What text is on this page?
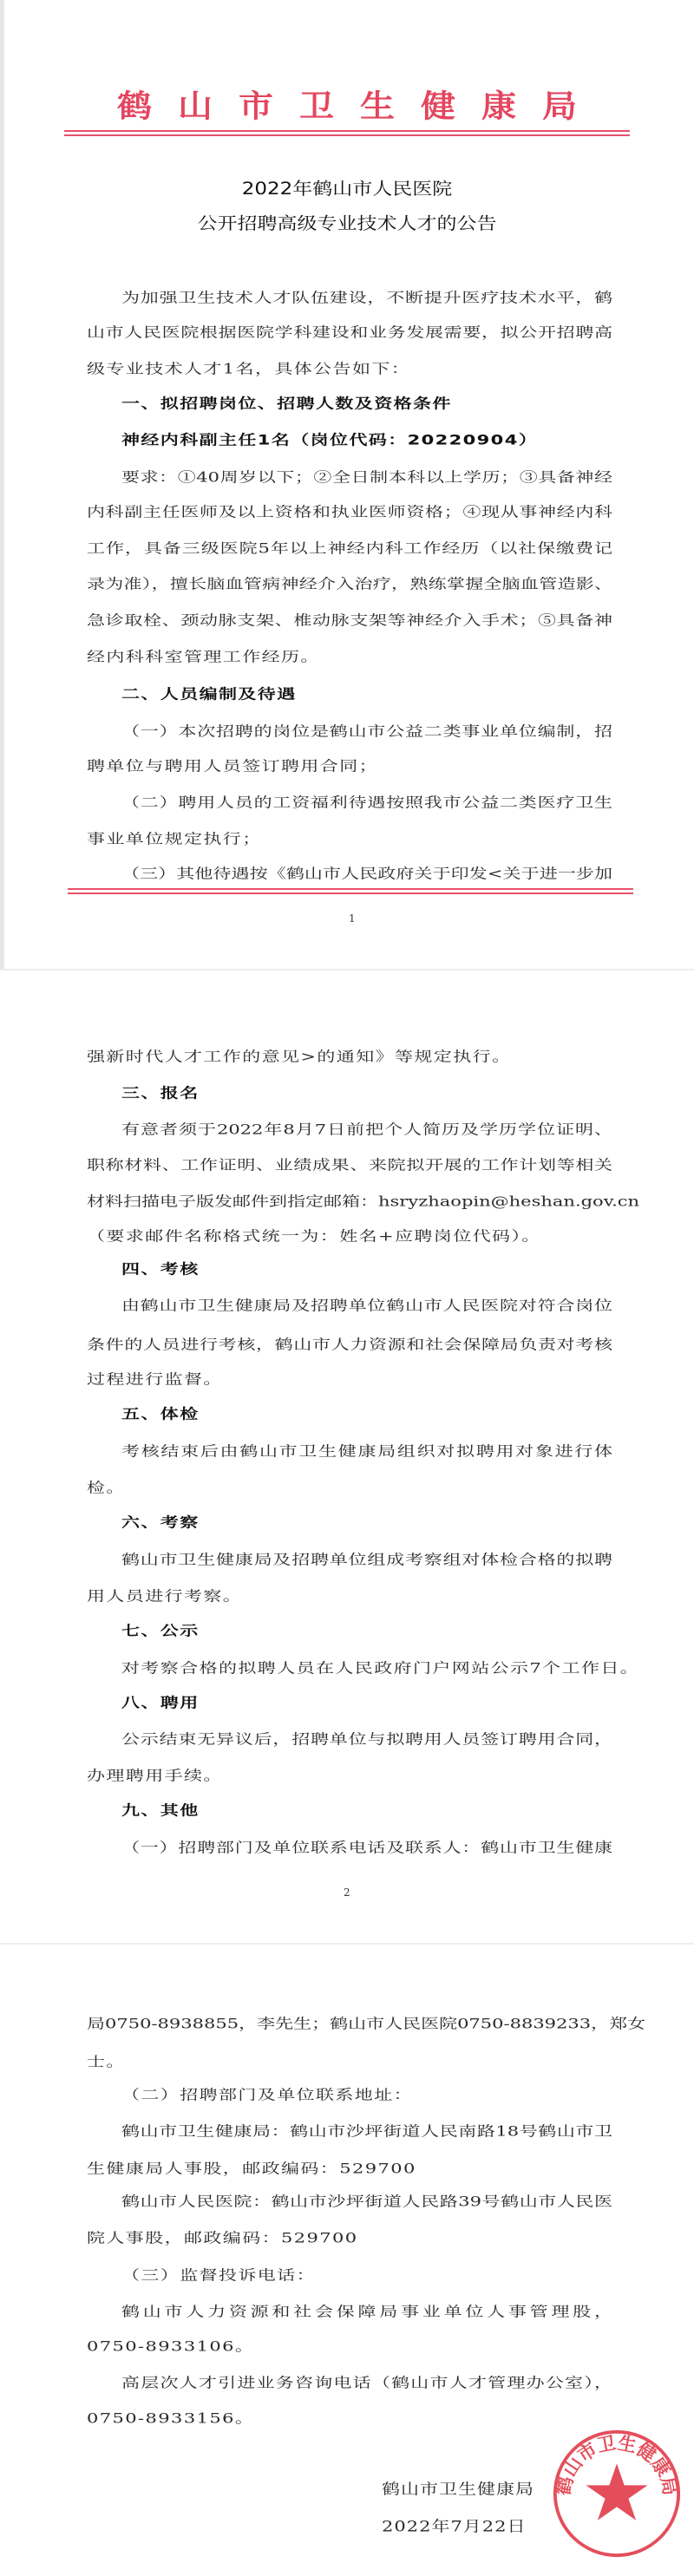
鹤山市卫生健康局
2022年鹤山市人民医院
公开招聘高级专业技术人才的公告
为加强卫生技术人才队伍建设，不断提升医疗技术水平，鹤
山市人民医院根据医院学科建设和业务发展需要，拟公开招聘高
级专业技术人才1名，具体公告如下：
一、拟招聘岗位、招聘人数及资格条件
神经内科副主任1名（岗位代码：20220904）
要求：①40周岁以下；②全日制本科以上学历；③具备神经
内科副主任医师及以上资格和执业医师资格；④现从事神经内科
工作，具备三级医院5年以上神经内科工作经历（以社保缴费记
录为准），擅长脑血管病神经介入治疗，熟练掌握全脑血管造影、
急诊取栓、颈动脉支架、椎动脉支架等神经介入手术；⑤具备神
经内科科室管理工作经历。
二、人员编制及待遇
（一）本次招聘的岗位是鹤山市公益二类事业单位编制，招
聘单位与聘用人员签订聘用合同；
（二）聘用人员的工资福利待遇按照我市公益二类医疗卫生
事业单位规定执行；
（三）其他待遇按《鹤山市人民政府关于印发<关于进一步加
1
强新时代人才工作的意见>的通知》等规定执行。
三、报名
有意者须于2022年8月7日前把个人简历及学历学位证明、
职称材料、工作证明、业绩成果、来院拟开展的工作计划等相关
材料扫描电子版发邮件到指定邮箱：hsryzhaopin@heshan.gov.cn
（要求邮件名称格式统一为：姓名+应聘岗位代码）。
四、考核
由鹤山市卫生健康局及招聘单位鹤山市人民医院对符合岗位
条件的人员进行考核，鹤山市人力资源和社会保障局负责对考核
过程进行监督。
五、体检
考核结束后由鹤山市卫生健康局组织对拟聘用对象进行体
检。
六、考察
鹤山市卫生健康局及招聘单位组成考察组对体检合格的拟聘
用人员进行考察。
七、公示
对考察合格的拟聘人员在人民政府门户网站公示7个工作日。
八、聘用
公示结束无异议后，招聘单位与拟聘用人员签订聘用合同，
办理聘用手续。
九、其他
（一）招聘部门及单位联系电话及联系人：鹤山市卫生健康
2
局0750-8938855，李先生；鹤山市人民医院0750-8839233，郑女
士。
（二）招聘部门及单位联系地址：
鹤山市卫生健康局：鹤山市沙坪街道人民南路18号鹤山市卫
生健康局人事股，邮政编码：529700
鹤山市人民医院：鹤山市沙坪街道人民路39号鹤山市人民医
院人事股，邮政编码：529700
（三）监督投诉电话：
鹤山市人力资源和社会保障局事业单位人事管理股，
0750-8933106。
高层次人才引进业务咨询电话（鹤山市人才管理办公室），
0750-8933156。
鹤山市卫生健康局
鹤山市卫生健康局
2022年7月22日
